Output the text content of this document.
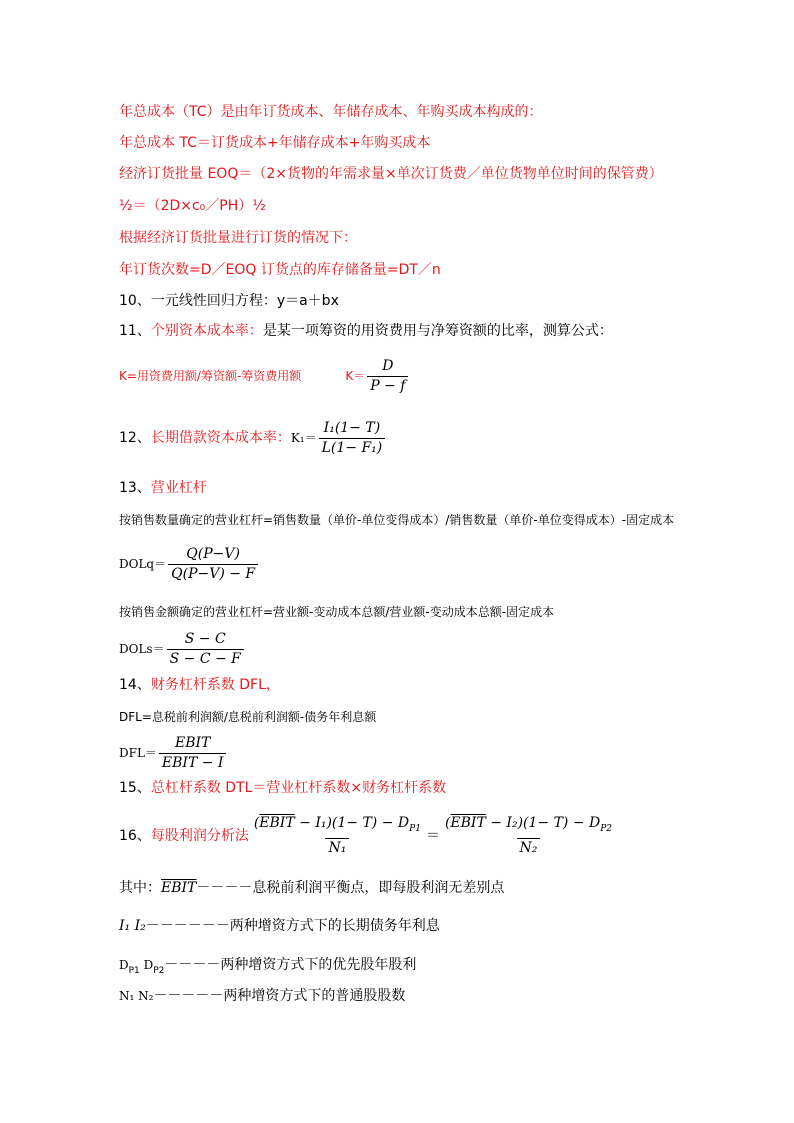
年总成本（TC）是由年订货成本、年储存成本、年购买成本构成的：
年总成本 TC＝订货成本+年储存成本+年购买成本
经济订货批量 EOQ＝（2×货物的年需求量×单次订货费／单位货物单位时间的保管费）
½＝（2D×c₀／PH）½
根据经济订货批量进行订货的情况下：
年订货次数=D／EOQ 订货点的库存储备量=DT／n
10、一元线性回归方程：y＝a＋bx
11、个别资本成本率：是某一项筹资的用资费用与净筹资额的比率，测算公式：
K=用资费用额/筹资额-筹资费用额	$K= \frac{D}{P - f}$
12、 长期借款资本成本率： $K_1= \frac{\text{I₁(1− T)}}{\text{L(1− F₁)}}$
13、营业杠杆
按销售数量确定的营业杠杆=销售数量（单价-单位变得成本）/销售数量（单价-单位变得成本）-固定成本
DOLq＝ $\frac{Q(P-V)}{Q(P-V) - F}$
按销售金额确定的营业杠杆=营业额-变动成本总额/营业额-变动成本总额-固定成本
DOLs＝ $\frac{S - C}{S - C - F}$
14、财务杠杆系数 DFL，
DFL=息税前利润额/息税前利润额-债务年利息额
$DFL= \frac{\text{EBIT}}{\text{EBIT − I}}$
15、总杠杆系数 DTL＝营业杠杆系数×财务杠杆系数
16、 每股利润分析法 $\frac{(EBIT - I_1)(1- T) - D_{P1}}{\text{N₁}} = \frac{(EBIT - I_2)(1- T) - D_{P2}}{\text{N₂}}$
其中：EBIT－－－－息税前利润平衡点，即每股利润无差别点
I₁ I₂－－－－－－两种增资方式下的长期债务年利息
$D_{P1}$ $D_{P2}----$两种增资方式下的优先股年股利
N₁ N₂－－－－－两种增资方式下的普通股股数
